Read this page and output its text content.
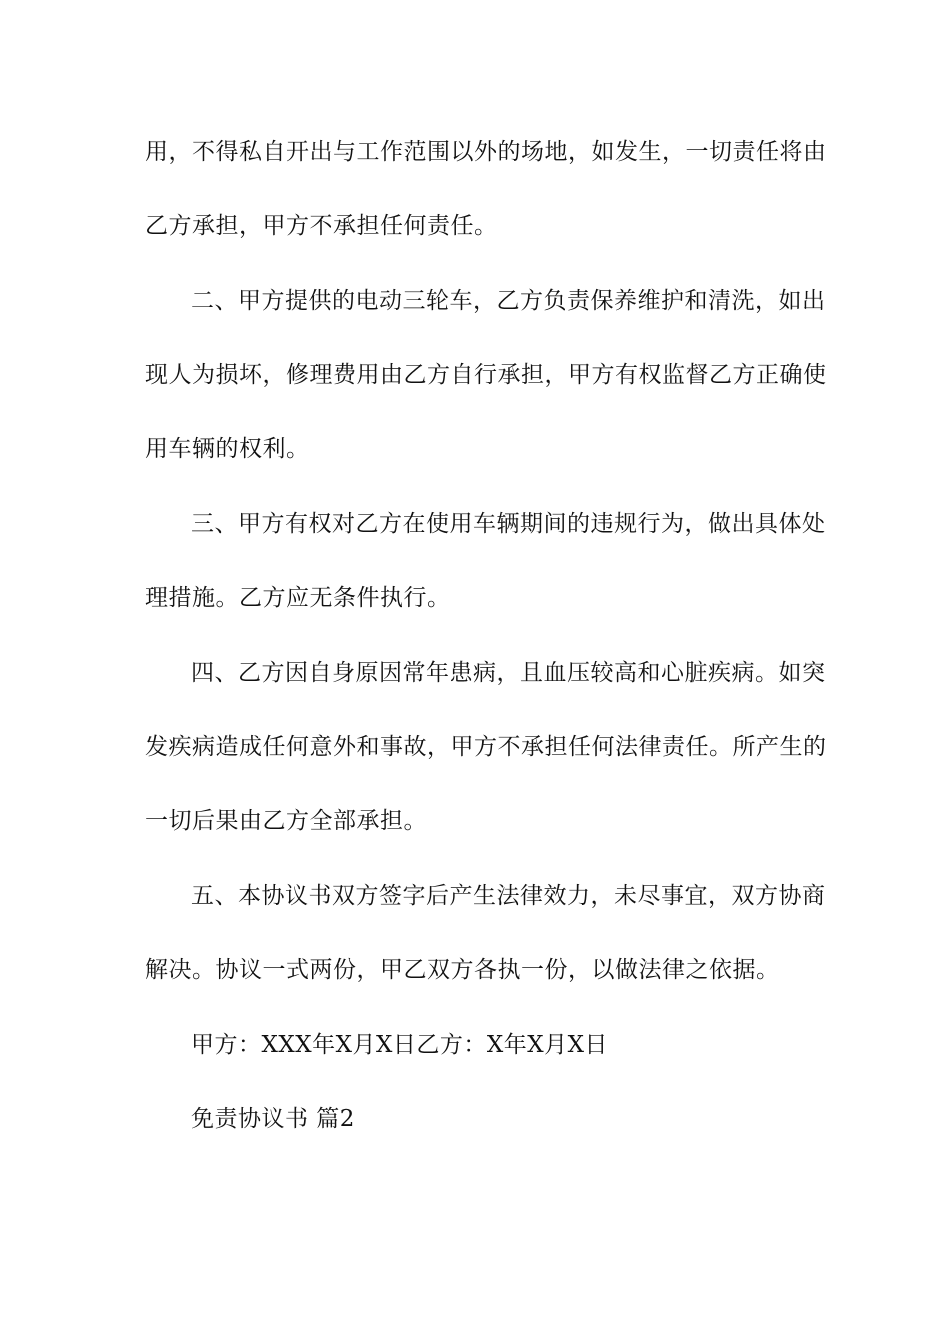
用，不得私自开出与工作范围以外的场地，如发生，一切责任将由
乙方承担，甲方不承担任何责任。
二、甲方提供的电动三轮车，乙方负责保养维护和清洗，如出
现人为损坏，修理费用由乙方自行承担，甲方有权监督乙方正确使
用车辆的权利。
三、甲方有权对乙方在使用车辆期间的违规行为，做出具体处
理措施。乙方应无条件执行。
四、乙方因自身原因常年患病，且血压较高和心脏疾病。如突
发疾病造成任何意外和事故，甲方不承担任何法律责任。所产生的
一切后果由乙方全部承担。
五、本协议书双方签字后产生法律效力，未尽事宜，双方协商
解决。协议一式两份，甲乙双方各执一份，以做法律之依据。
甲方：XXX年X月X日乙方：X年X月X日
免责协议书 篇2
